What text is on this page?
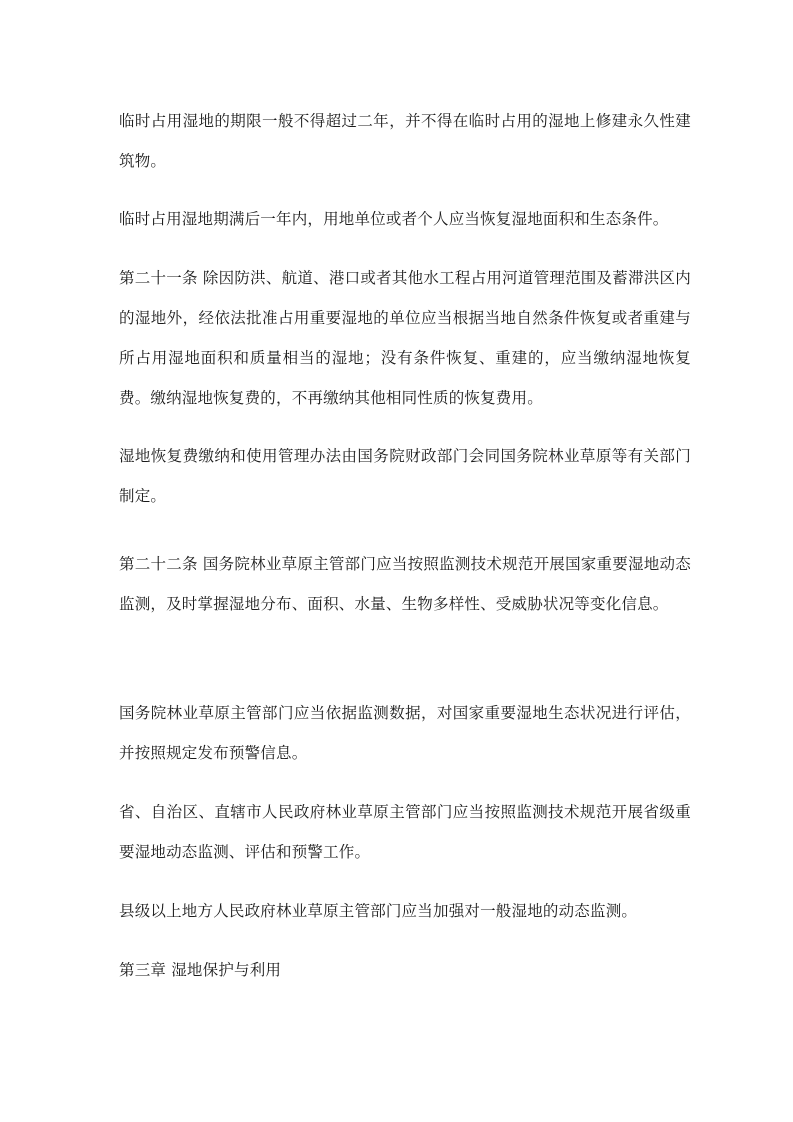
临时占用湿地的期限一般不得超过二年，并不得在临时占用的湿地上修建永久性建筑物。

临时占用湿地期满后一年内，用地单位或者个人应当恢复湿地面积和生态条件。

第二十一条 除因防洪、航道、港口或者其他水工程占用河道管理范围及蓄滞洪区内的湿地外，经依法批准占用重要湿地的单位应当根据当地自然条件恢复或者重建与所占用湿地面积和质量相当的湿地；没有条件恢复、重建的，应当缴纳湿地恢复费。缴纳湿地恢复费的，不再缴纳其他相同性质的恢复费用。

湿地恢复费缴纳和使用管理办法由国务院财政部门会同国务院林业草原等有关部门制定。

第二十二条 国务院林业草原主管部门应当按照监测技术规范开展国家重要湿地动态监测，及时掌握湿地分布、面积、水量、生物多样性、受威胁状况等变化信息。

国务院林业草原主管部门应当依据监测数据，对国家重要湿地生态状况进行评估，并按照规定发布预警信息。

省、自治区、直辖市人民政府林业草原主管部门应当按照监测技术规范开展省级重要湿地动态监测、评估和预警工作。

县级以上地方人民政府林业草原主管部门应当加强对一般湿地的动态监测。

第三章 湿地保护与利用
